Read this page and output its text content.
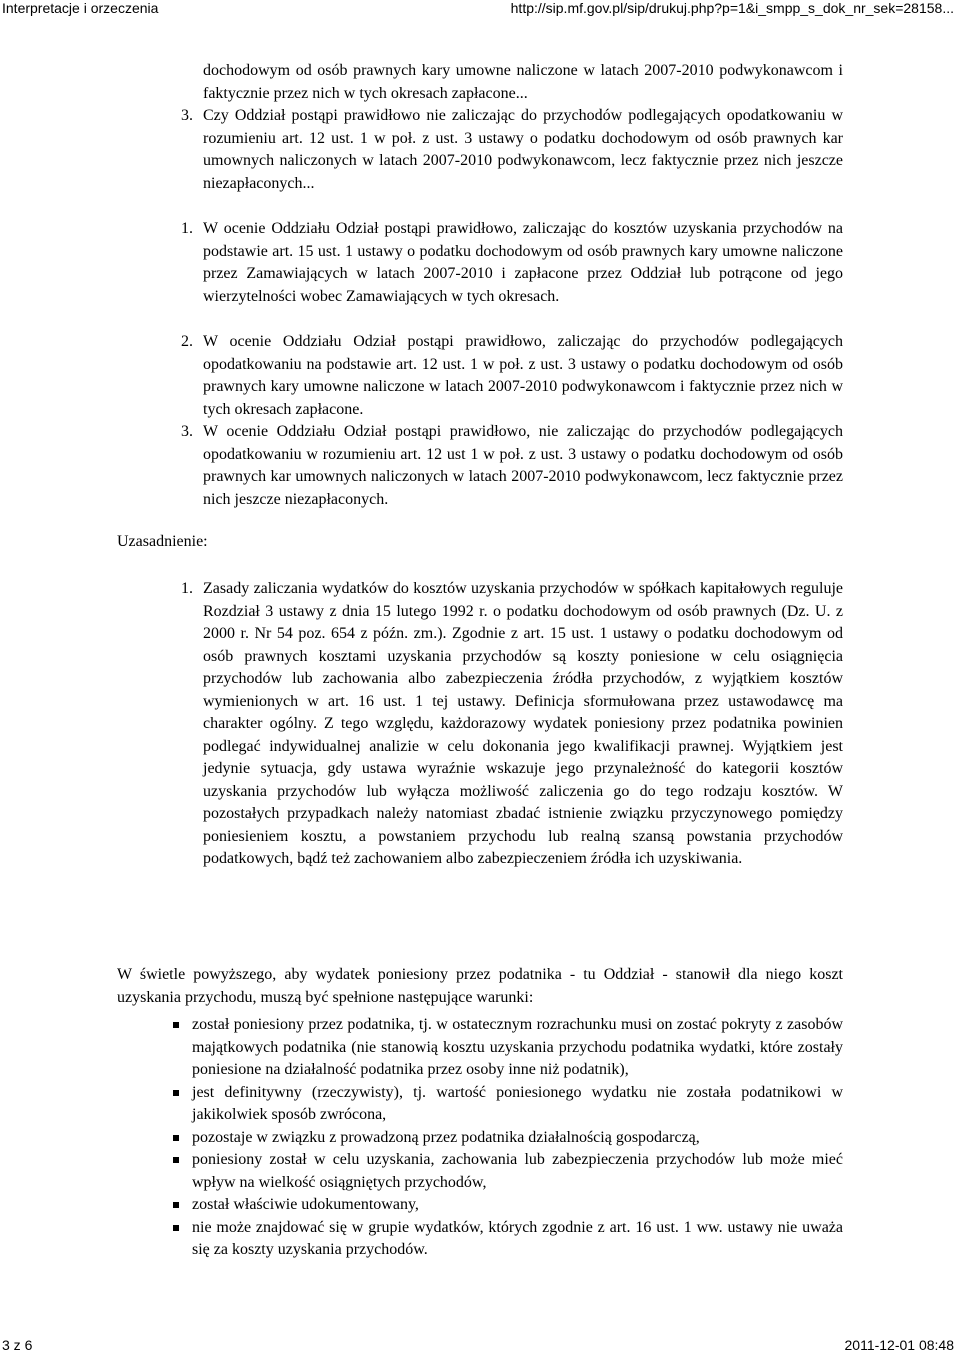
Interpretacje i orzeczenia	http://sip.mf.gov.pl/sip/drukuj.php?p=1&i_smpp_s_dok_nr_sek=28158...
dochodowym od osób prawnych kary umowne naliczone w latach 2007-2010 podwykonawcom i faktycznie przez nich w tych okresach zapłacone...
3. Czy Oddział postąpi prawidłowo nie zaliczając do przychodów podlegających opodatkowaniu w rozumieniu art. 12 ust. 1 w poł. z ust. 3 ustawy o podatku dochodowym od osób prawnych kar umownych naliczonych w latach 2007-2010 podwykonawcom, lecz faktycznie przez nich jeszcze niezapłaconych...
1. W ocenie Oddziału Odział postąpi prawidłowo, zaliczając do kosztów uzyskania przychodów na podstawie art. 15 ust. 1 ustawy o podatku dochodowym od osób prawnych kary umowne naliczone przez Zamawiających w latach 2007-2010 i zapłacone przez Oddział lub potrącone od jego wierzytelności wobec Zamawiających w tych okresach.
2. W ocenie Oddziału Odział postąpi prawidłowo, zaliczając do przychodów podlegających opodatkowaniu na podstawie art. 12 ust. 1 w poł. z ust. 3 ustawy o podatku dochodowym od osób prawnych kary umowne naliczone w latach 2007-2010 podwykonawcom i faktycznie przez nich w tych okresach zapłacone.
3. W ocenie Oddziału Odział postąpi prawidłowo, nie zaliczając do przychodów podlegających opodatkowaniu w rozumieniu art. 12 ust 1 w poł. z ust. 3 ustawy o podatku dochodowym od osób prawnych kar umownych naliczonych w latach 2007-2010 podwykonawcom, lecz faktycznie przez nich jeszcze niezapłaconych.
Uzasadnienie:
1. Zasady zaliczania wydatków do kosztów uzyskania przychodów w spółkach kapitałowych reguluje Rozdział 3 ustawy z dnia 15 lutego 1992 r. o podatku dochodowym od osób prawnych (Dz. U. z 2000 r. Nr 54 poz. 654 z późn. zm.). Zgodnie z art. 15 ust. 1 ustawy o podatku dochodowym od osób prawnych kosztami uzyskania przychodów są koszty poniesione w celu osiągnięcia przychodów lub zachowania albo zabezpieczenia źródła przychodów, z wyjątkiem kosztów wymienionych w art. 16 ust. 1 tej ustawy. Definicja sformułowana przez ustawodawcę ma charakter ogólny. Z tego względu, każdorazowy wydatek poniesiony przez podatnika powinien podlegać indywidualnej analizie w celu dokonania jego kwalifikacji prawnej. Wyjątkiem jest jedynie sytuacja, gdy ustawa wyraźnie wskazuje jego przynależność do kategorii kosztów uzyskania przychodów lub wyłącza możliwość zaliczenia go do tego rodzaju kosztów. W pozostałych przypadkach należy natomiast zbadać istnienie związku przyczynowego pomiędzy poniesieniem kosztu, a powstaniem przychodu lub realną szansą powstania przychodów podatkowych, bądź też zachowaniem albo zabezpieczeniem źródła ich uzyskiwania.
W świetle powyższego, aby wydatek poniesiony przez podatnika - tu Oddział - stanowił dla niego koszt uzyskania przychodu, muszą być spełnione następujące warunki:
został poniesiony przez podatnika, tj. w ostatecznym rozrachunku musi on zostać pokryty z zasobów majątkowych podatnika (nie stanowią kosztu uzyskania przychodu podatnika wydatki, które zostały poniesione na działalność podatnika przez osoby inne niż podatnik),
jest definitywny (rzeczywisty), tj. wartość poniesionego wydatku nie została podatnikowi w jakikolwiek sposób zwrócona,
pozostaje w związku z prowadzoną przez podatnika działalnością gospodarczą,
poniesiony został w celu uzyskania, zachowania lub zabezpieczenia przychodów lub może mieć wpływ na wielkość osiągniętych przychodów,
został właściwie udokumentowany,
nie może znajdować się w grupie wydatków, których zgodnie z art. 16 ust. 1 ww. ustawy nie uważa się za koszty uzyskania przychodów.
3 z 6	2011-12-01 08:48
